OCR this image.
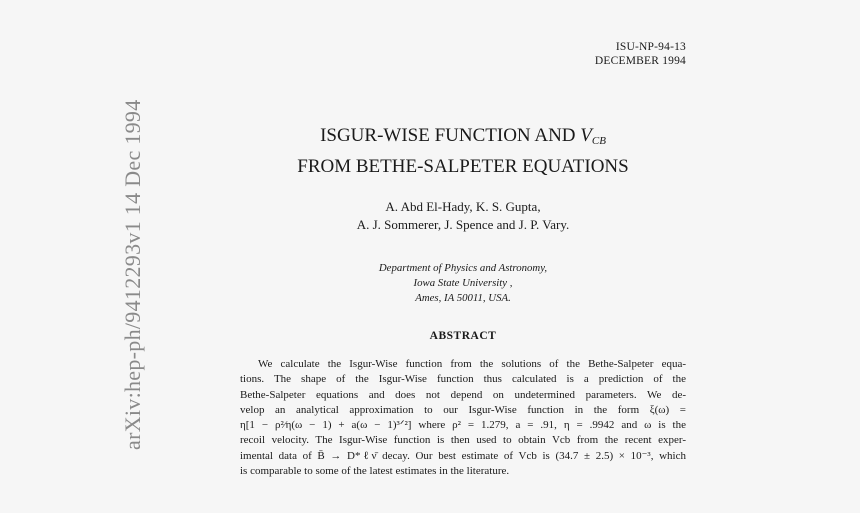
ISU-NP-94-13
DECEMBER 1994
arXiv:hep-ph/9412293v1 14 Dec 1994	ISGUR-WISE FUNCTION AND VCB
FROM BETHE-SALPETER EQUATIONS
A. Abd El-Hady, K. S. Gupta,
A. J. Sommerer, J. Spence and J. P. Vary.
Department of Physics and Astronomy,
Iowa State University ,
Ames, IA 50011, USA.
ABSTRACT
We calculate the Isgur-Wise function from the solutions of the Bethe-Salpeter equa-
tions. The shape of the Isgur-Wise function thus calculated is a prediction of the
Bethe-Salpeter equations and does not depend on undetermined parameters. We de-
velop an analytical approximation to our Isgur-Wise function in the form ξ(ω) =
η[1 − ρ²⁄η(ω − 1) + a(ω − 1)³ᐟ²] where ρ² = 1.279, a = .91, η = .9942 and ω is the
recoil velocity. The Isgur-Wise function is then used to obtain Vcb from the recent exper-
imental data of B̄ → D*ℓν̄ decay. Our best estimate of Vcb is (34.7 ± 2.5) × 10⁻³, which
is comparable to some of the latest estimates in the literature.
